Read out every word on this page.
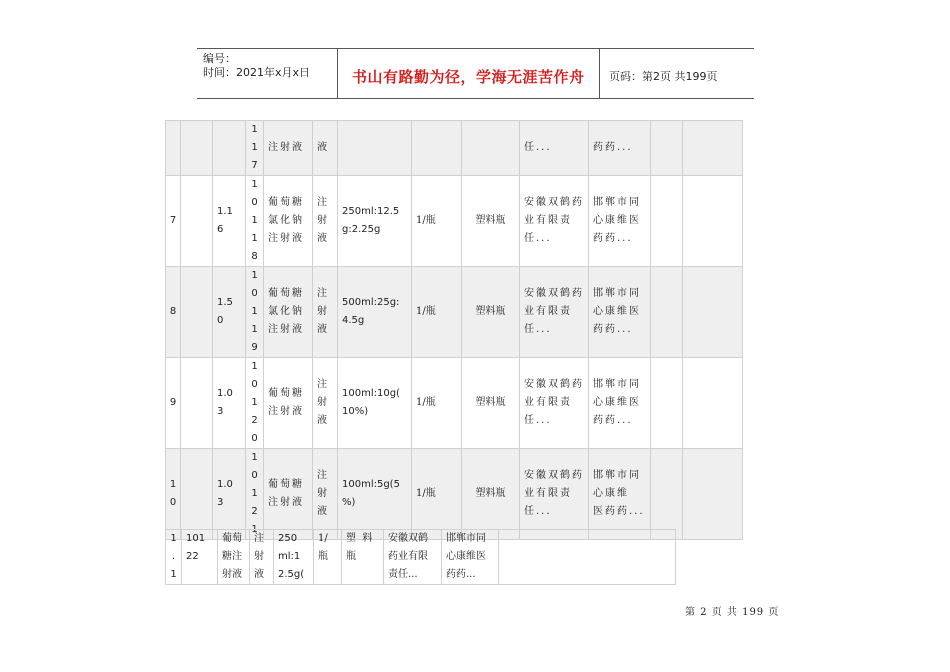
编号：
时间：2021年x月x日	书山有路勤为径，学海无涯苦作舟 页码：第2页 共199页

			1
1
7	注射液	液				任...	药药...		
7		1.1
6	1
0
1
1
8	葡萄糖
氯化钠
注射液	注
射
液	250ml:12.5
g:2.25g	1/瓶	塑料瓶	安徽双鹤药
业有限责
任...	邯郸市同
心康维医
药药...		
8		1.5
0	1
0
1
1
9	葡萄糖
氯化钠
注射液	注
射
液	500ml:25g:
4.5g	1/瓶	塑料瓶	安徽双鹤药
业有限责
任...	邯郸市同
心康维医
药药...		
9		1.0
3	1
0
1
2
0	葡萄糖
注射液	注
射
液	100ml:10g(
10%)	1/瓶	塑料瓶	安徽双鹤药
业有限责
任...	邯郸市同
心康维医
药药...		
1
0		1.0
3	1
0
1
2
1	葡萄糖
注射液	注
射
液	100ml:5g(5
%)	1/瓶	塑料瓶	安徽双鹤药
业有限责
任...	邯郸市同心康维
医药药...		
1
.
1	101
22	葡萄
糖注
射液	注
射
液	250
ml:1
2.5g(	1/
瓶	塑  料
瓶	安徽双鹤
药业有限
责任...	邯郸市同
心康维医
药药...	
第 2 页 共 199 页
